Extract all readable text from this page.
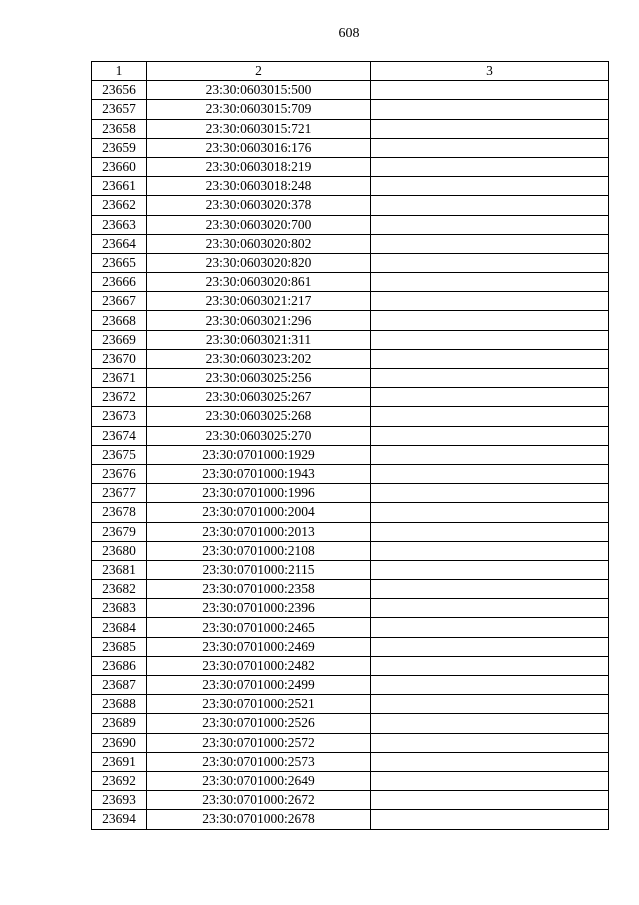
608
1	2	3
23656	23:30:0603015:500	
23657	23:30:0603015:709	
23658	23:30:0603015:721	
23659	23:30:0603016:176	
23660	23:30:0603018:219	
23661	23:30:0603018:248	
23662	23:30:0603020:378	
23663	23:30:0603020:700	
23664	23:30:0603020:802	
23665	23:30:0603020:820	
23666	23:30:0603020:861	
23667	23:30:0603021:217	
23668	23:30:0603021:296	
23669	23:30:0603021:311	
23670	23:30:0603023:202	
23671	23:30:0603025:256	
23672	23:30:0603025:267	
23673	23:30:0603025:268	
23674	23:30:0603025:270	
23675	23:30:0701000:1929	
23676	23:30:0701000:1943	
23677	23:30:0701000:1996	
23678	23:30:0701000:2004	
23679	23:30:0701000:2013	
23680	23:30:0701000:2108	
23681	23:30:0701000:2115	
23682	23:30:0701000:2358	
23683	23:30:0701000:2396	
23684	23:30:0701000:2465	
23685	23:30:0701000:2469	
23686	23:30:0701000:2482	
23687	23:30:0701000:2499	
23688	23:30:0701000:2521	
23689	23:30:0701000:2526	
23690	23:30:0701000:2572	
23691	23:30:0701000:2573	
23692	23:30:0701000:2649	
23693	23:30:0701000:2672	
23694	23:30:0701000:2678	
